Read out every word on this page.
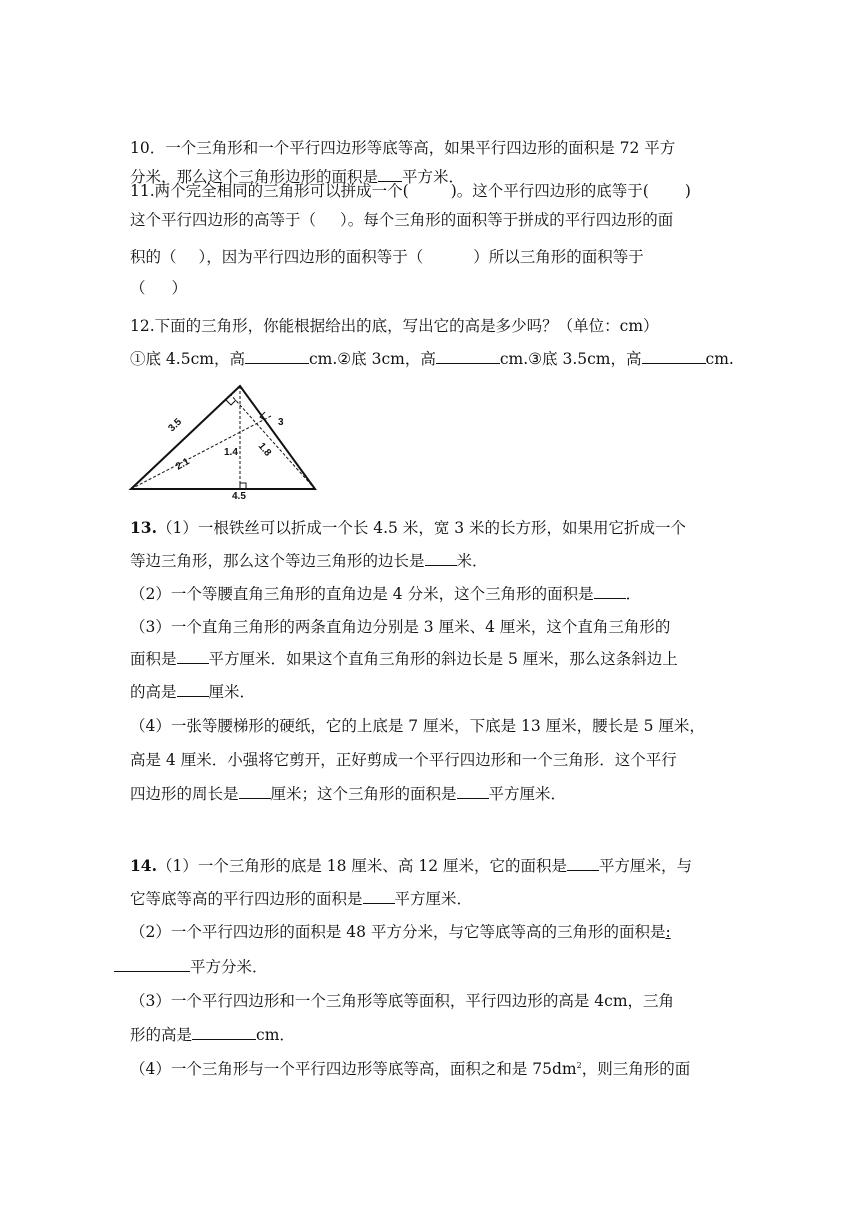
10．一个三角形和一个平行四边形等底等高，如果平行四边形的面积是 72 平方
分米，那么这个三角形边形的面积是 平方米．
11.两个完全相同的三角形可以拼成一个(	)。这个平行四边形的底等于( )
这个平行四边形的高等于（ ）。每个三角形的面积等于拼成的平行四边形的面
积的（ ），因为平行四边形的面积等于（	）所以三角形的面积等于
（ ）
12.下面的三角形，你能根据给出的底，写出它的高是多少吗？（单位：cm）
①底 4.5cm，高	cm.②底 3cm，高	cm.③底 3.5cm，高	cm.
3.5	3
2.1
1.4 1.8
4.5
13.（1）一根铁丝可以折成一个长 4.5 米，宽 3 米的长方形，如果用它折成一个
等边三角形，那么这个等边三角形的边长是 米．
（2）一个等腰直角三角形的直角边是 4 分米，这个三角形的面积是 ．
（3）一个直角三角形的两条直角边分别是 3 厘米、4 厘米，这个直角三角形的
面积是 平方厘米．如果这个直角三角形的斜边长是 5 厘米，那么这条斜边上
的高是 厘米．
（4）一张等腰梯形的硬纸，它的上底是 7 厘米，下底是 13 厘米，腰长是 5 厘米，
高是 4 厘米．小强将它剪开，正好剪成一个平行四边形和一个三角形．这个平行
四边形的周长是 厘米；这个三角形的面积是 平方厘米．
14.（1）一个三角形的底是 18 厘米、高 12 厘米，它的面积是 平方厘米，与
它等底等高的平行四边形的面积是 平方厘米．
（2）一个平行四边形的面积是 48 平方分米，与它等底等高的三角形的面积是:
平方分米．
（3）一个平行四边形和一个三角形等底等面积，平行四边形的高是 4cm，三角
形的高是	cm．
（4）一个三角形与一个平行四边形等底等高，面积之和是 $75dm^2$，则三角形的面
